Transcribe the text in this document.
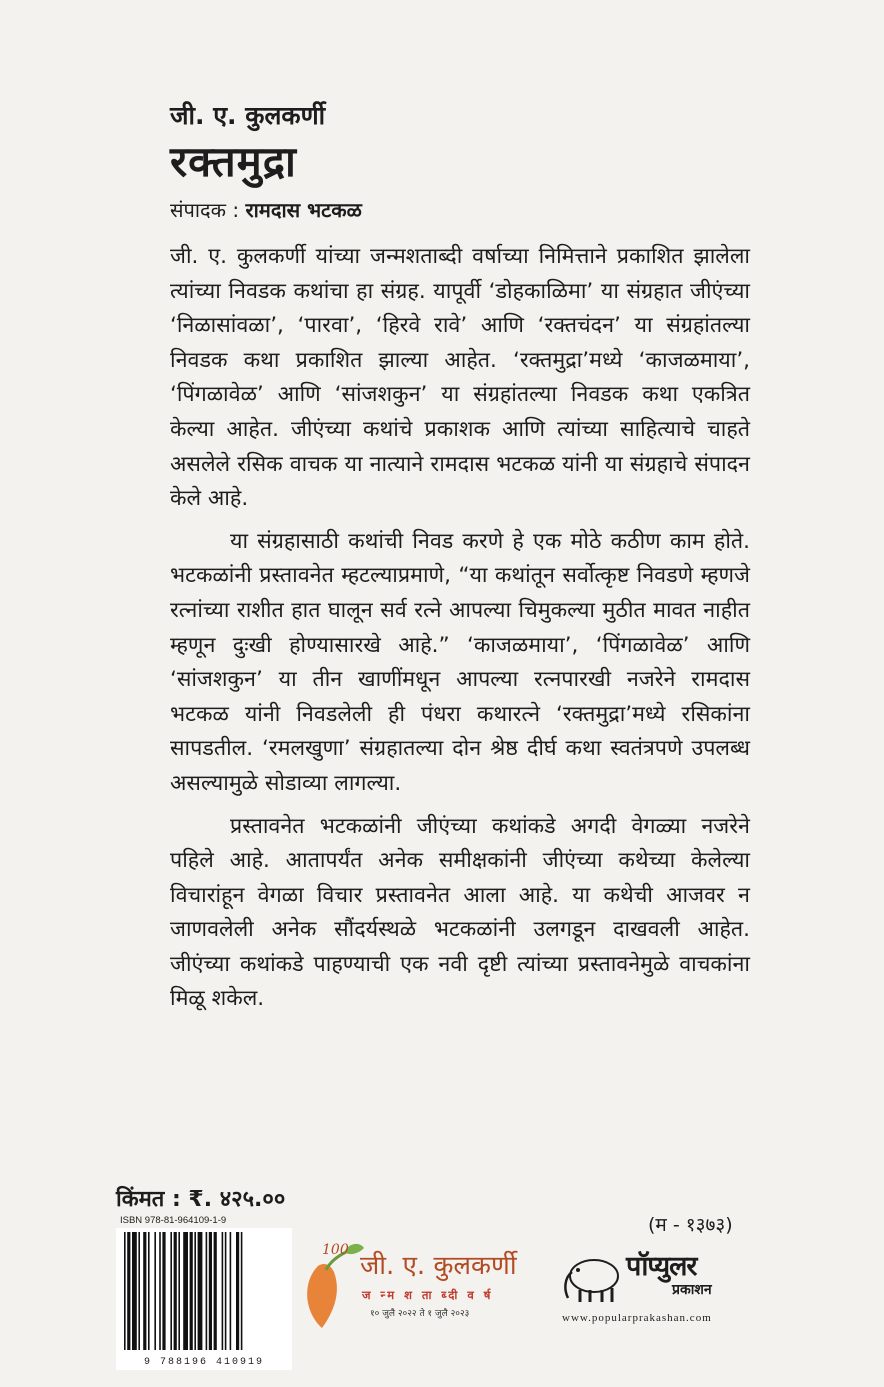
जी. ए. कुलकर्णी
रक्तमुद्रा
संपादक : रामदास भटकळ

जी. ए. कुलकर्णी यांच्या जन्मशताब्दी वर्षाच्या निमित्ताने प्रकाशित झालेला त्यांच्या निवडक कथांचा हा संग्रह. यापूर्वी ‘डोहकाळिमा’ या संग्रहात जीएंच्या ‘निळासांवळा’, ‘पारवा’, ‘हिरवे रावे’ आणि ‘रक्तचंदन’ या संग्रहांतल्या निवडक कथा प्रकाशित झाल्या आहेत. ‘रक्तमुद्रा’मध्ये ‘काजळमाया’, ‘पिंगळावेळ’ आणि ‘सांजशकुन’ या संग्रहांतल्या निवडक कथा एकत्रित केल्या आहेत. जीएंच्या कथांचे प्रकाशक आणि त्यांच्या साहित्याचे चाहते असलेले रसिक वाचक या नात्याने रामदास भटकळ यांनी या संग्रहाचे संपादन केले आहे.

या संग्रहासाठी कथांची निवड करणे हे एक मोठे कठीण काम होते. भटकळांनी प्रस्तावनेत म्हटल्याप्रमाणे, “या कथांतून सर्वोत्कृष्ट निवडणे म्हणजे रत्नांच्या राशीत हात घालून सर्व रत्ने आपल्या चिमुकल्या मुठीत मावत नाहीत म्हणून दुःखी होण्यासारखे आहे.” ‘काजळमाया’, ‘पिंगळावेळ’ आणि ‘सांजशकुन’ या तीन खाणींमधून आपल्या रत्नपारखी नजरेने रामदास भटकळ यांनी निवडलेली ही पंधरा कथारत्ने ‘रक्तमुद्रा’मध्ये रसिकांना सापडतील. ‘रमलखुणा’ संग्रहातल्या दोन श्रेष्ठ दीर्घ कथा स्वतंत्रपणे उपलब्ध असल्यामुळे सोडाव्या लागल्या.

प्रस्तावनेत भटकळांनी जीएंच्या कथांकडे अगदी वेगळ्या नजरेने पहिले आहे. आतापर्यंत अनेक समीक्षकांनी जीएंच्या कथेच्या केलेल्या विचारांहून वेगळा विचार प्रस्तावनेत आला आहे. या कथेची आजवर न जाणवलेली अनेक सौंदर्यस्थळे भटकळांनी उलगडून दाखवली आहेत. जीएंच्या कथांकडे पाहण्याची एक नवी दृष्टी त्यांच्या प्रस्तावनेमुळे वाचकांना मिळू शकेल.

किंमत : ₹. ४२५.००
ISBN 978-81-964109-1-9
9 788196 410919
100
जी. ए. कुलकर्णी
ज न्म श ता ब्दी व र्ष
१० जुलै २०२२ ते १ जुलै २०२३
(म - १३७३)
पॉप्युलर
प्रकाशन
www.popularprakashan.com
